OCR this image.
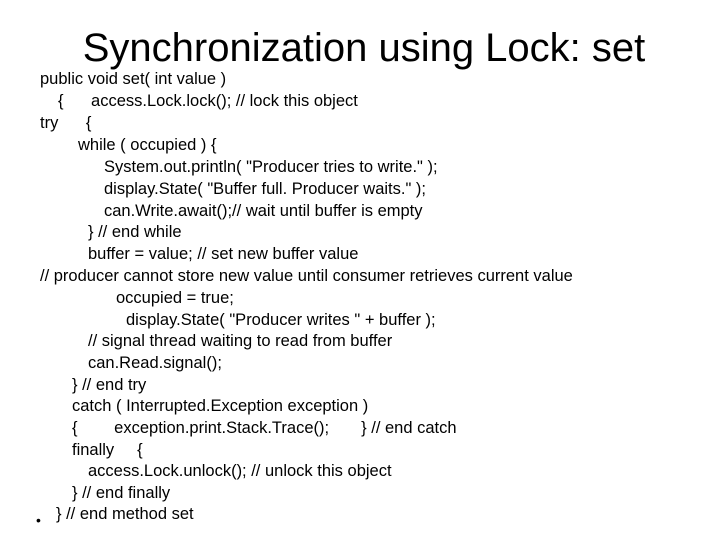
Synchronization using Lock: set
public void set( int value )
{      access.Lock.lock(); // lock this object
try      {
while ( occupied ) {
System.out.println( "Producer tries to write." );
display.State( "Buffer full. Producer waits." );
can.Write.await();// wait until buffer is empty
} // end while
buffer = value; // set new buffer value
// producer cannot store new value until consumer retrieves current value
occupied = true;
display.State( "Producer writes " + buffer );
// signal thread waiting to read from buffer
can.Read.signal();
} // end try
catch ( Interrupted.Exception exception )
{        exception.print.Stack.Trace();       } // end catch
finally     {
access.Lock.unlock(); // unlock this object
} // end finally
} // end method set
•
